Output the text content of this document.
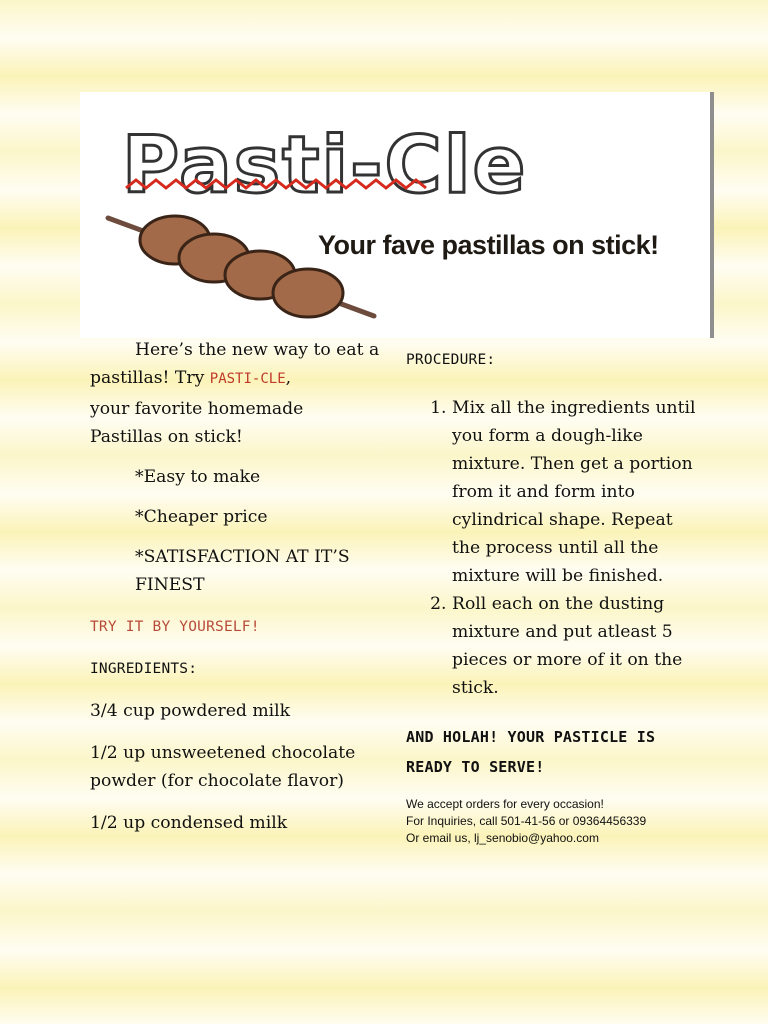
Pasti-Cle
Your fave pastillas on stick!

Here’s the new way to eat a pastillas! Try PASTI-CLE,

your favorite homemade Pastillas on stick!

*Easy to make

*Cheaper price

*SATISFACTION AT IT’S FINEST

TRY IT BY YOURSELF!

INGREDIENTS:

3/4 cup powdered milk

1/2 up unsweetened chocolate powder (for chocolate flavor)

1/2 up condensed milk

PROCEDURE:

1. Mix all the ingredients until you form a dough-like mixture. Then get a portion from it and form into cylindrical shape. Repeat the process until all the mixture will be finished.
2. Roll each on the dusting mixture and put atleast 5 pieces or more of it on the stick.

AND HOLAH! YOUR PASTICLE IS READY TO SERVE!

We accept orders for every occasion!

For Inquiries, call 501-41-56 or 09364456339

Or email us, lj_senobio@yahoo.com
